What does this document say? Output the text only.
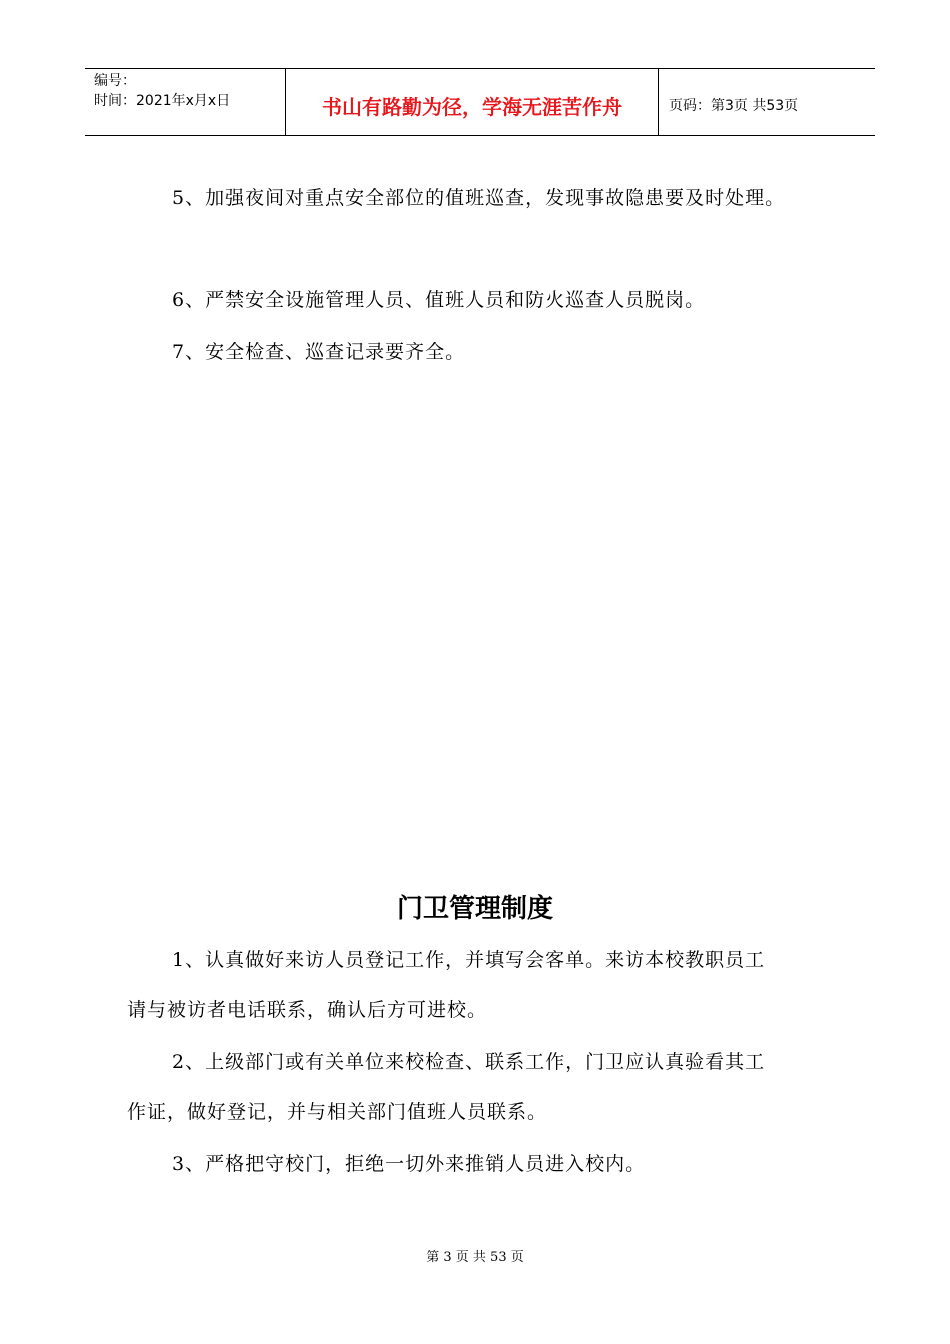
编号：
时间：2021年x月x日	书山有路勤为径，学海无涯苦作舟	页码：第3页 共53页
5、加强夜间对重点安全部位的值班巡查，发现事故隐患要及时处理。
6、严禁安全设施管理人员、值班人员和防火巡查人员脱岗。
7、安全检查、巡查记录要齐全。
门卫管理制度
1、认真做好来访人员登记工作，并填写会客单。来访本校教职员工
请与被访者电话联系，确认后方可进校。
2、上级部门或有关单位来校检查、联系工作，门卫应认真验看其工
作证，做好登记，并与相关部门值班人员联系。
3、严格把守校门，拒绝一切外来推销人员进入校内。
第 3 页 共 53 页
